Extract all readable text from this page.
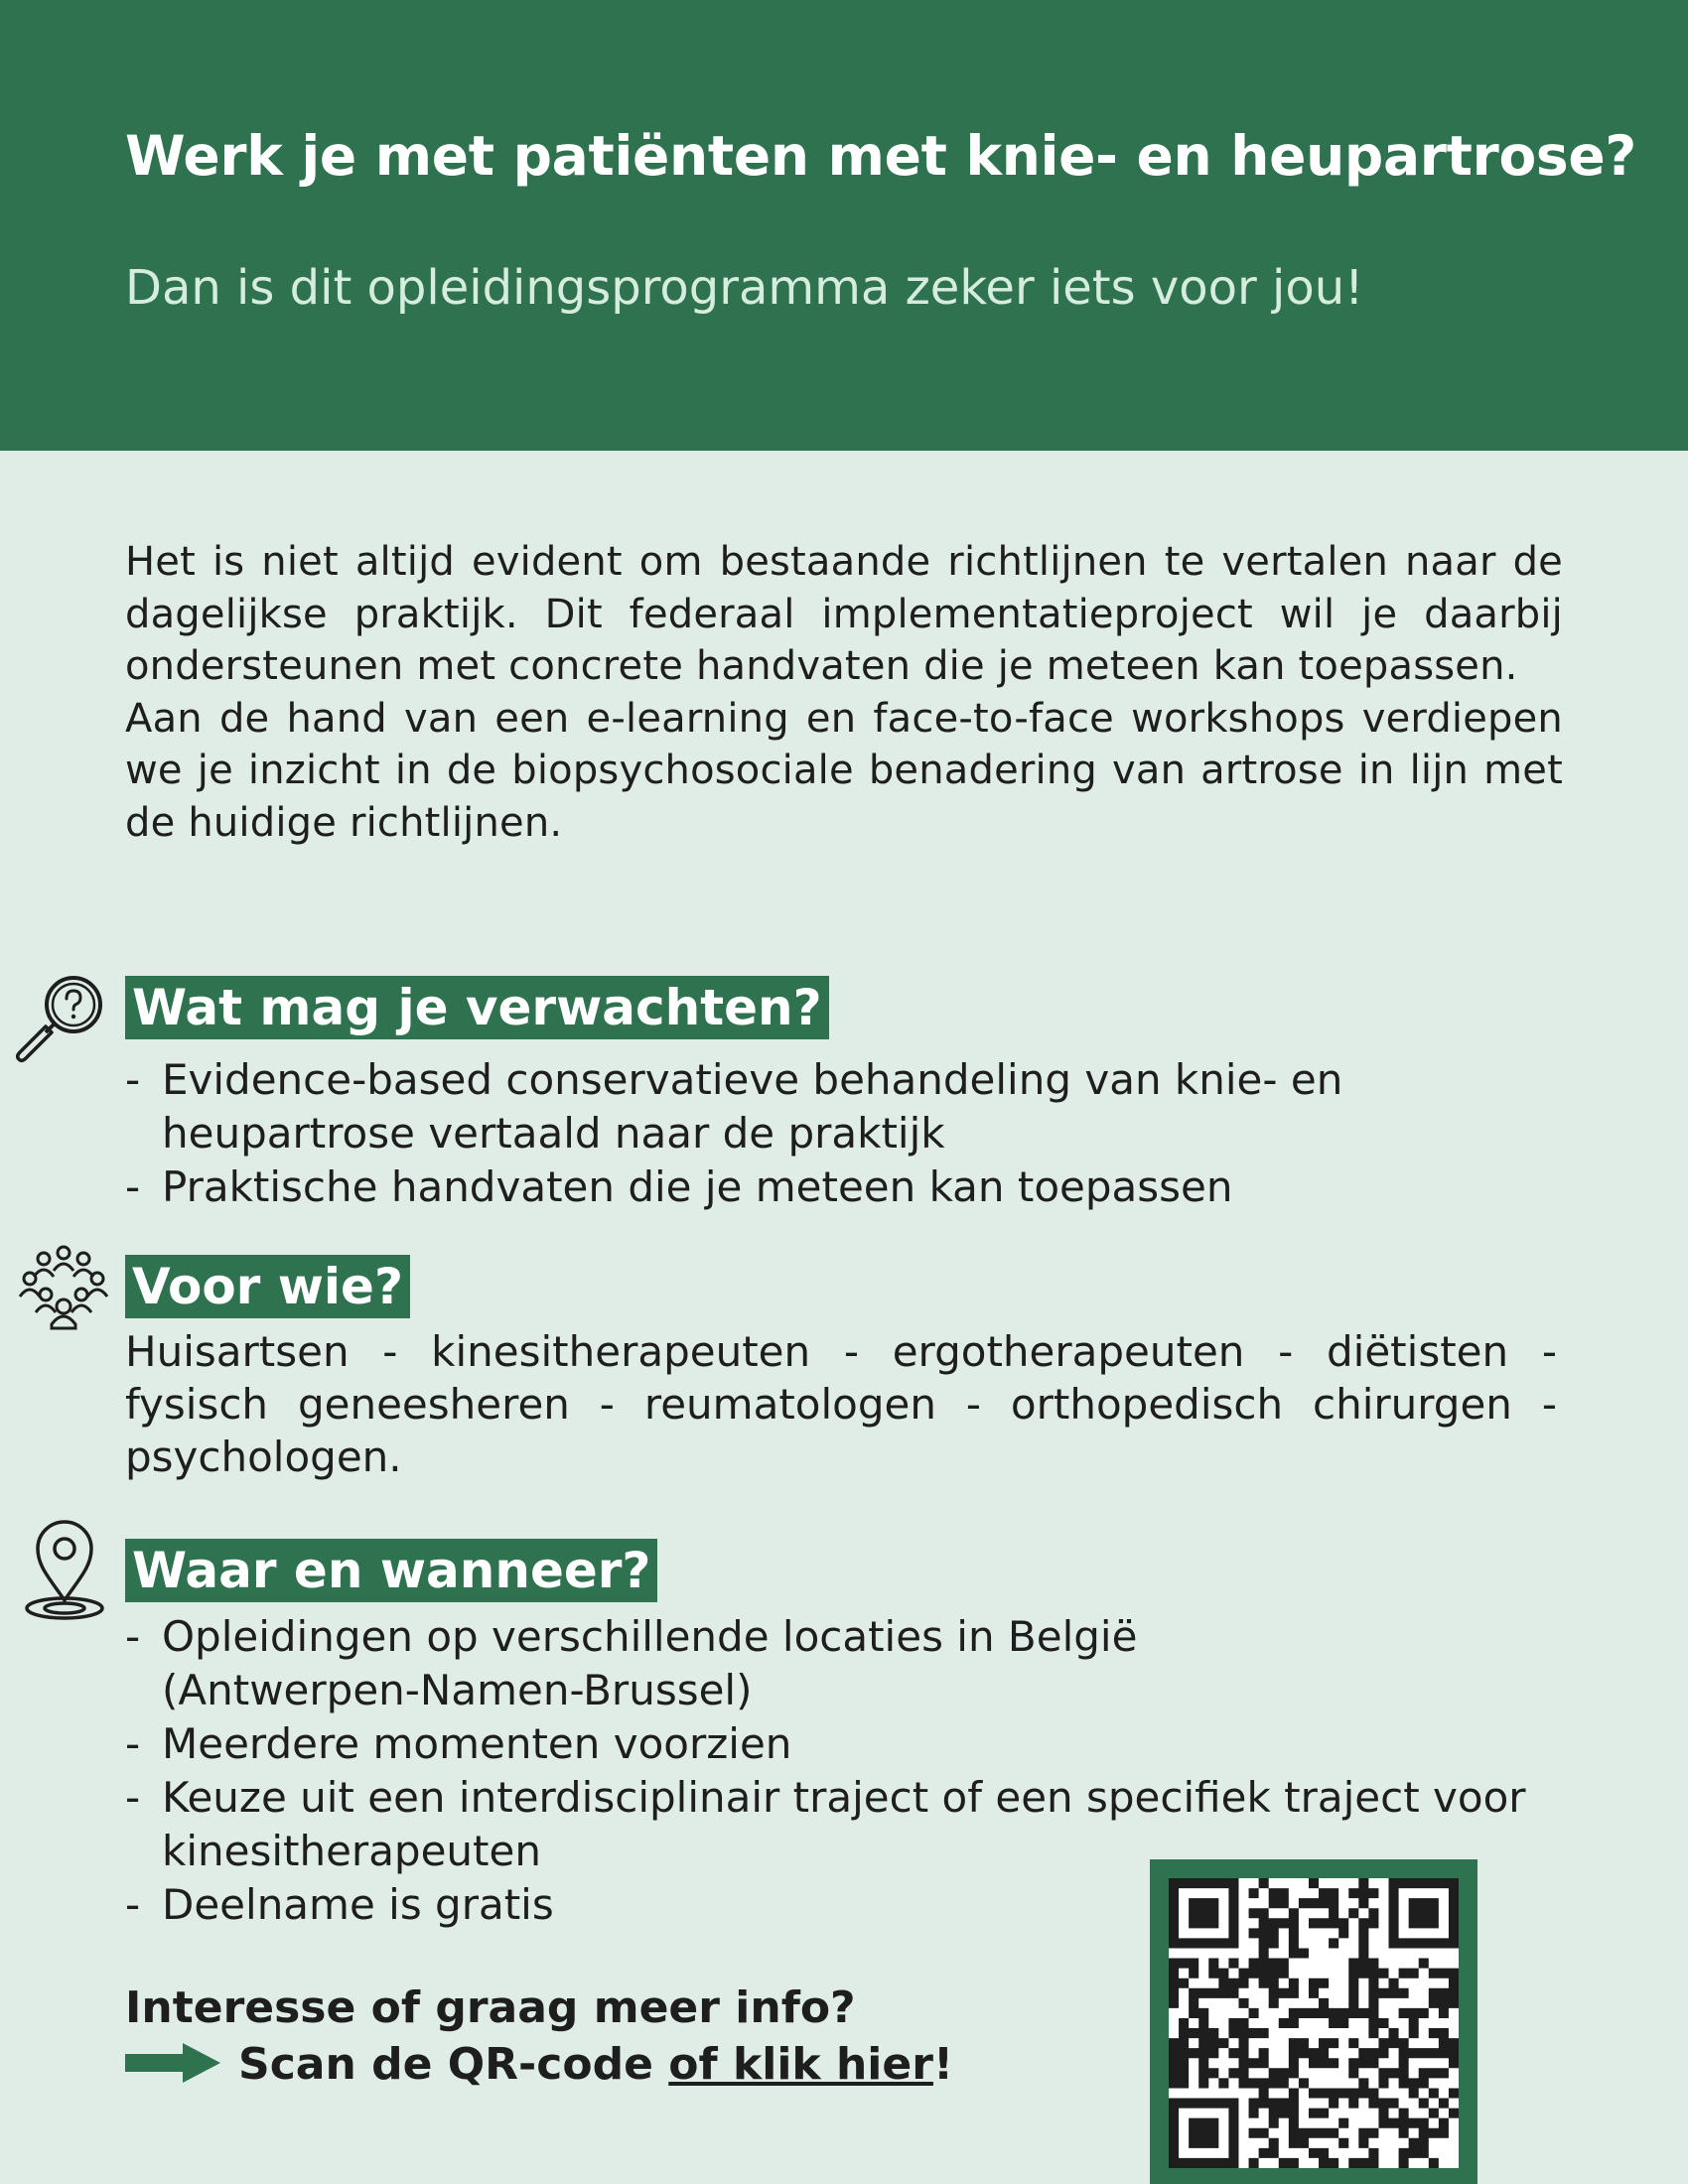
Werk je met patiënten met knie- en heupartrose?
Dan is dit opleidingsprogramma zeker iets voor jou!

Het is niet altijd evident om bestaande richtlijnen te vertalen naar de dagelijkse praktijk. Dit federaal implementatieproject wil je daarbij ondersteunen met concrete handvaten die je meteen kan toepassen.

Aan de hand van een e-learning en face-to-face workshops verdiepen we je inzicht in de biopsychosociale benadering van artrose in lijn met de huidige richtlijnen.

Wat mag je verwachten?
- Evidence-based conservatieve behandeling van knie- en heupartrose vertaald naar de praktijk
- Praktische handvaten die je meteen kan toepassen
Voor wie?

Huisartsen - kinesitherapeuten - ergotherapeuten - diëtisten - fysisch geneesheren - reumatologen - orthopedisch chirurgen - psychologen.

Waar en wanneer?
- Opleidingen op verschillende locaties in België (Antwerpen-Namen-Brussel)
- Meerdere momenten voorzien
- Keuze uit een interdisciplinair traject of een specifiek traject voor kinesitherapeuten
- Deelname is gratis

Interesse of graag meer info?

Scan de QR-code of klik hier!
